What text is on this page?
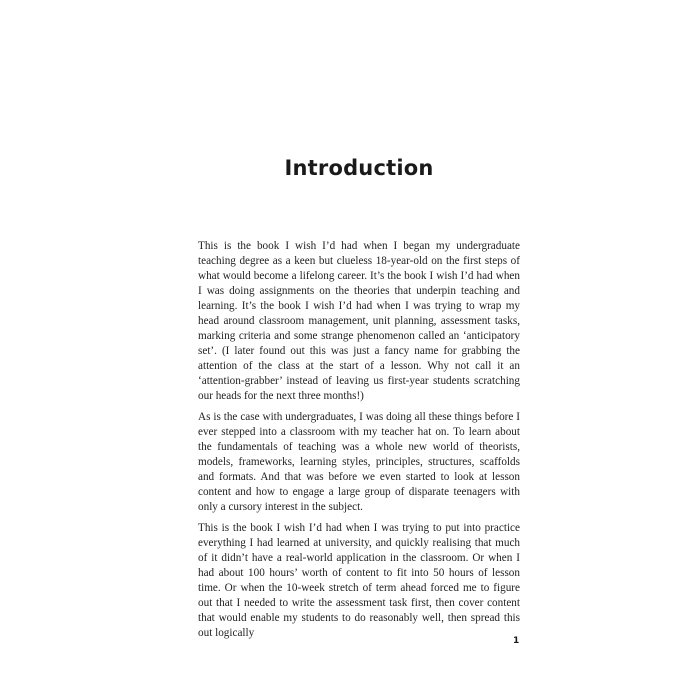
Introduction

This is the book I wish I’d had when I began my undergraduate teaching degree as a keen but clueless 18-year-old on the first steps of what would become a lifelong career. It’s the book I wish I’d had when I was doing assignments on the theories that underpin teaching and learning. It’s the book I wish I’d had when I was trying to wrap my head around classroom management, unit planning, assessment tasks, marking criteria and some strange phenomenon called an ‘anticipatory set’. (I later found out this was just a fancy name for grabbing the attention of the class at the start of a lesson. Why not call it an ‘attention-grabber’ instead of leaving us first-year students scratching our heads for the next three months!)

As is the case with undergraduates, I was doing all these things before I ever stepped into a classroom with my teacher hat on. To learn about the fundamentals of teaching was a whole new world of theorists, models, frameworks, learning styles, principles, structures, scaffolds and formats. And that was before we even started to look at lesson content and how to engage a large group of disparate teenagers with only a cursory interest in the subject.

This is the book I wish I’d had when I was trying to put into practice everything I had learned at university, and quickly realising that much of it didn’t have a real-world application in the classroom. Or when I had about 100 hours’ worth of content to fit into 50 hours of lesson time. Or when the 10-week stretch of term ahead forced me to figure out that I needed to write the assessment task first, then cover content that would enable my students to do reasonably well, then spread this out logically

1
